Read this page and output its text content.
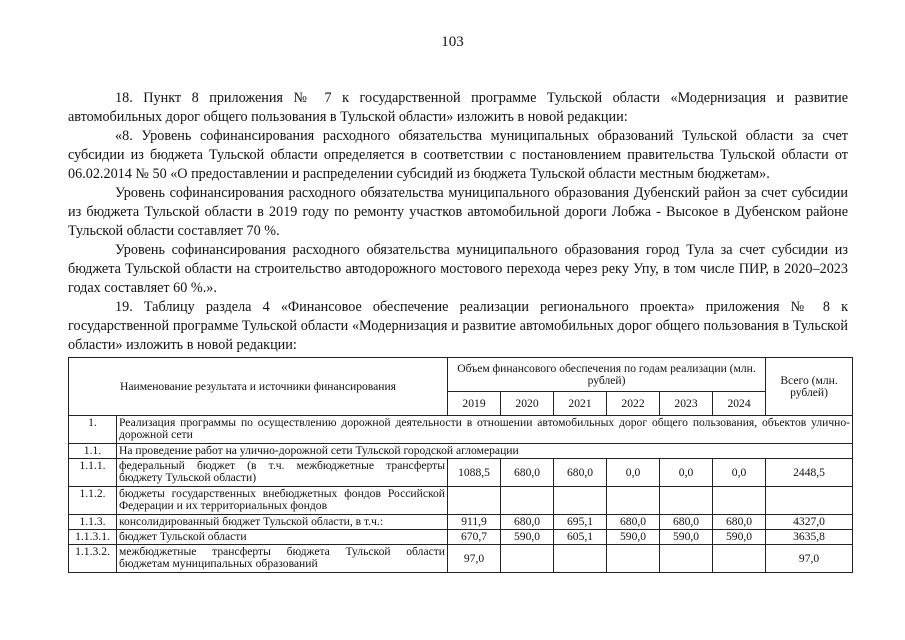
103

18. Пункт 8 приложения № 7 к государственной программе Тульской области «Модернизация и развитие автомобильных дорог общего пользования в Тульской области» изложить в новой редакции:

«8. Уровень софинансирования расходного обязательства муниципальных образований Тульской области за счет субсидии из бюджета Тульской области определяется в соответствии с постановлением правительства Тульской области от 06.02.2014 № 50 «О предоставлении и распределении субсидий из бюджета Тульской области местным бюджетам».

Уровень софинансирования расходного обязательства муниципального образования Дубенский район за счет субсидии из бюджета Тульской области в 2019 году по ремонту участков автомобильной дороги Лобжа - Высокое в Дубенском районе Тульской области составляет 70 %.

Уровень софинансирования расходного обязательства муниципального образования город Тула за счет субсидии из бюджета Тульской области на строительство автодорожного мостового перехода через реку Упу, в том числе ПИР, в 2020–2023 годах составляет 60 %.».

19. Таблицу раздела 4 «Финансовое обеспечение реализации регионального проекта» приложения № 8 к государственной программе Тульской области «Модернизация и развитие автомобильных дорог общего пользования в Тульской области» изложить в новой редакции:

Наименование результата и источники финансирования		Объем финансового обеспечения по годам реализации (млн. рублей)						Всего (млн. рублей)
		2019	2020	2021	2022	2023	2024	
1.	Реализация программы по осуществлению дорожной деятельности в отношении автомобильных дорог общего пользования, объектов улично-дорожной сети							
1.1.	На проведение работ на улично-дорожной сети Тульской городской агломерации							
1.1.1.	федеральный бюджет (в т.ч. межбюджетные трансферты бюджету Тульской области)	1088,5	680,0	680,0	0,0	0,0	0,0	2448,5
1.1.2.	бюджеты государственных внебюджетных фондов Российской Федерации и их территориальных фондов							
1.1.3.	консолидированный бюджет Тульской области, в т.ч.:	911,9	680,0	695,1	680,0	680,0	680,0	4327,0
1.1.3.1.	бюджет Тульской области	670,7	590,0	605,1	590,0	590,0	590,0	3635,8
1.1.3.2.	межбюджетные трансферты бюджета Тульской области бюджетам муниципальных образований	97,0						97,0
